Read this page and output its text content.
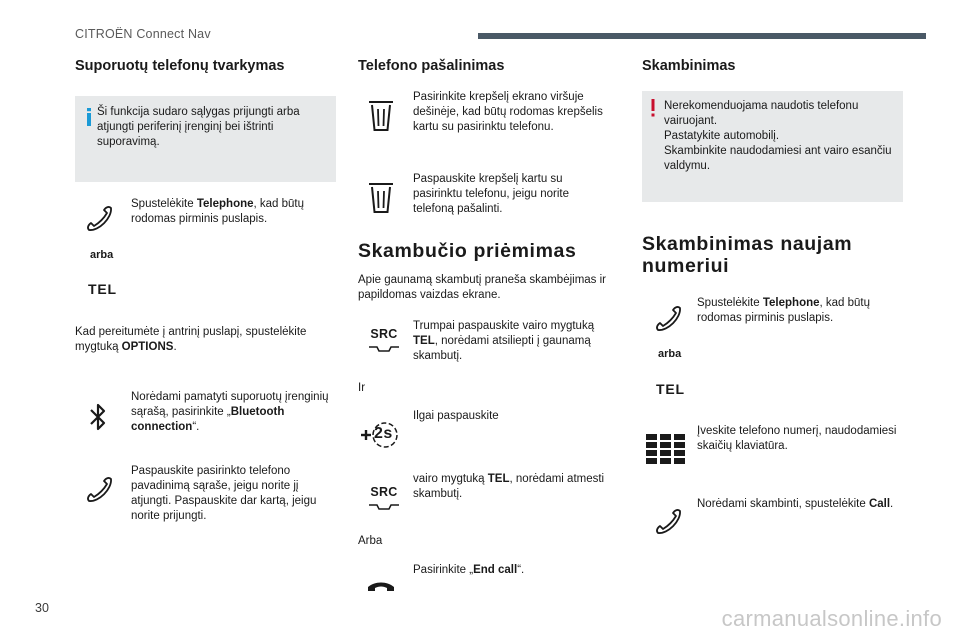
CITROËN Connect Nav
Suporuotų telefonų tvarkymas
Ši funkcija sudaro sąlygas prijungti arba atjungti periferinį įrenginį bei ištrinti suporavimą.
Spustelėkite Telephone, kad būtų rodomas pirminis puslapis.
arba
TEL
Kad pereitumėte į antrinį puslapį, spustelėkite mygtuką OPTIONS.
Norėdami pamatyti suporuotų įrenginių sąrašą, pasirinkite „Bluetooth connection“.
Paspauskite pasirinkto telefono pavadinimą sąraše, jeigu norite jį atjungti. Paspauskite dar kartą, jeigu norite prijungti.
Telefono pašalinimas
Pasirinkite krepšelį ekrano viršuje dešinėje, kad būtų rodomas krepšelis kartu su pasirinktu telefonu.
Paspauskite krepšelį kartu su pasirinktu telefonu, jeigu norite telefoną pašalinti.
Skambučio priėmimas
Apie gaunamą skambutį praneša skambėjimas ir papildomas vaizdas ekrane.
SRC
Trumpai paspauskite vairo mygtuką TEL, norėdami atsiliepti į gaunamą skambutį.
Ir
Ilgai paspauskite
2s
SRC
vairo mygtuką TEL, norėdami atmesti skambutį.
Arba
Pasirinkite „End call“.
Skambinimas
Nerekomenduojama naudotis telefonu vairuojant.
Pastatykite automobilį.
Skambinkite naudodamiesi ant vairo esančiu valdymu.
Skambinimas naujam numeriui
Spustelėkite Telephone, kad būtų rodomas pirminis puslapis.
arba
TEL
Įveskite telefono numerį, naudodamiesi skaičių klaviatūra.
Norėdami skambinti, spustelėkite Call.
30	carmanualsonline.info
